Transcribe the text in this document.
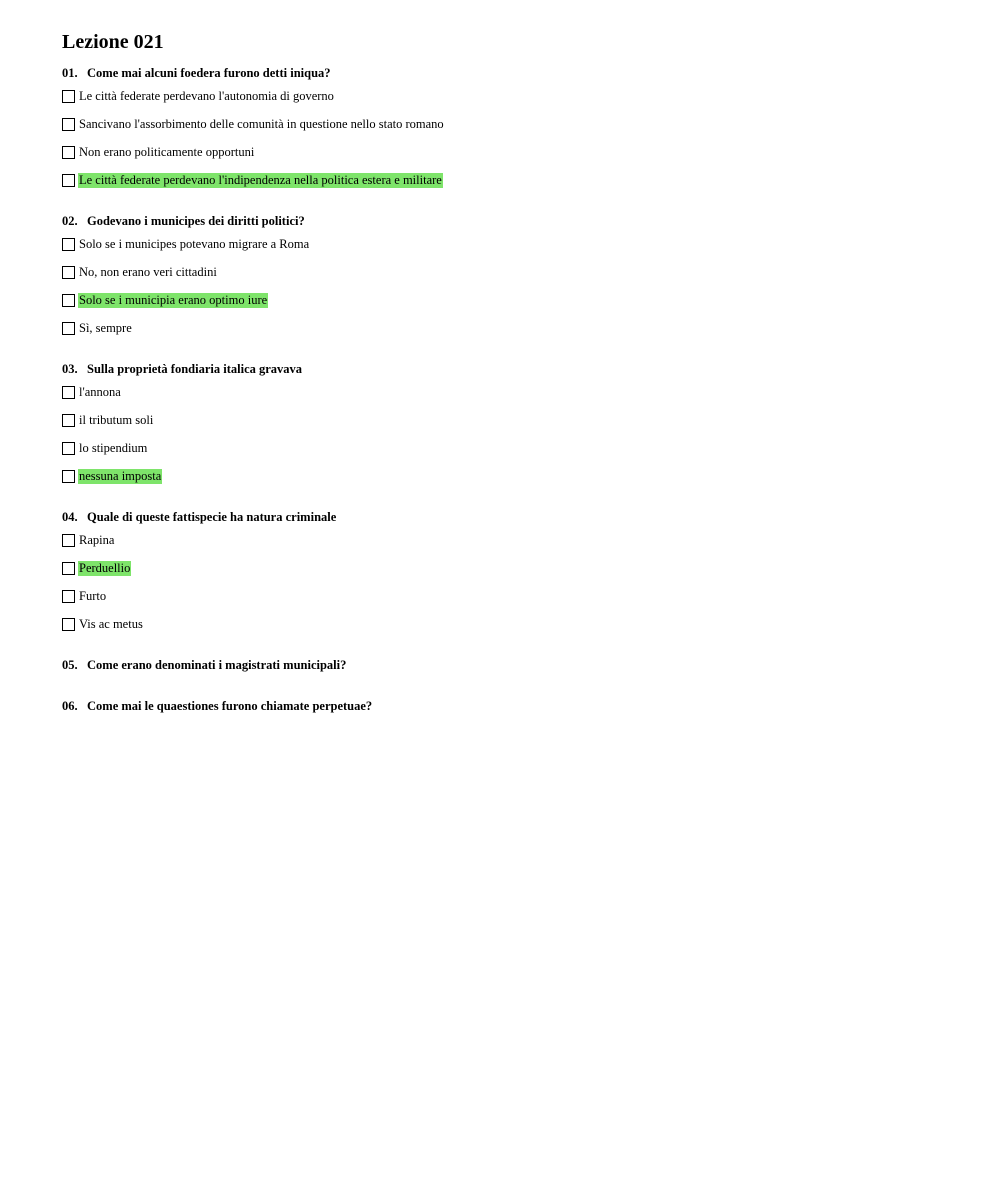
Lezione 021
01. Come mai alcuni foedera furono detti iniqua?
Le città federate perdevano l'autonomia di governo
Sancivano l'assorbimento delle comunità in questione nello stato romano
Non erano politicamente opportuni
Le città federate perdevano l'indipendenza nella politica estera e militare
02. Godevano i municipes dei diritti politici?
Solo se i municipes potevano migrare a Roma
No, non erano veri cittadini
Solo se i municipia erano optimo iure
Sì, sempre
03. Sulla proprietà fondiaria italica gravava
l'annona
il tributum soli
lo stipendium
nessuna imposta
04. Quale di queste fattispecie ha natura criminale
Rapina
Perduellio
Furto
Vis ac metus
05. Come erano denominati i magistrati municipali?
06. Come mai le quaestiones furono chiamate perpetuae?
